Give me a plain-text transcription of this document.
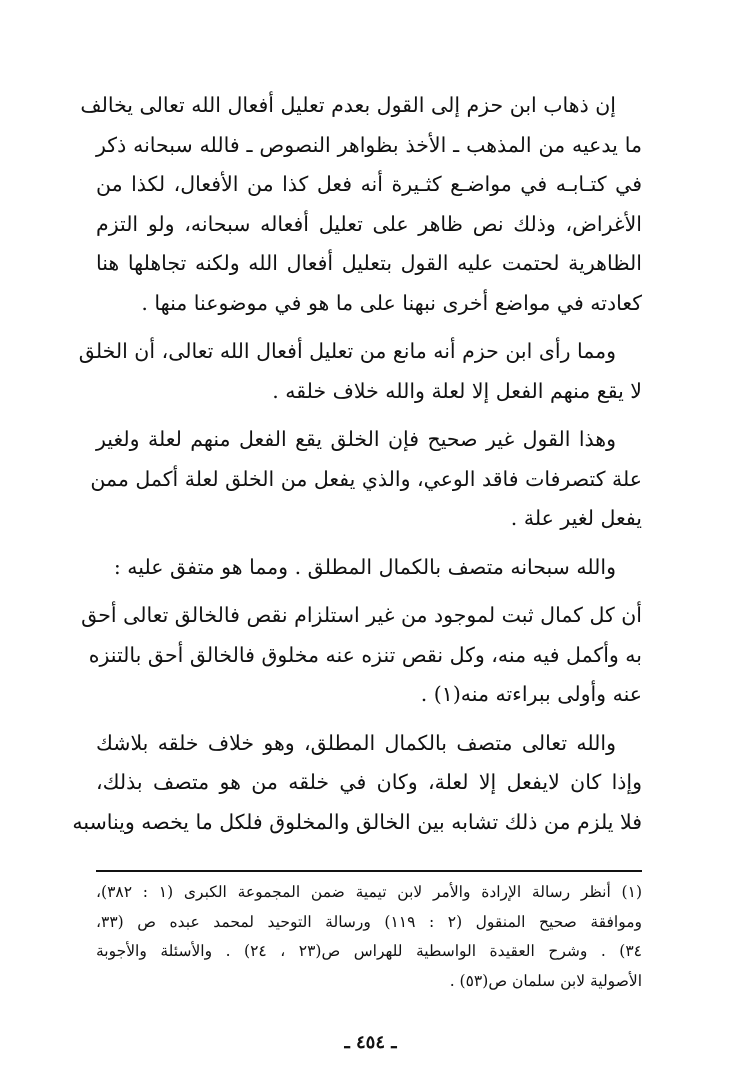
إن ذهاب ابن حزم إلى القول بعدم تعليل أفعال الله تعالى يخالف
ما يدعيه من المذهب ـ الأخذ بظواهر النصوص ـ فالله سبحانه ذكر
في كتـابـه في مواضـع كثـيرة أنه فعل كذا من الأفعال، لكذا من
الأغراض، وذلك نص ظاهر على تعليل أفعاله سبحانه، ولو التزم
الظاهرية لحتمت عليه القول بتعليل أفعال الله ولكنه تجاهلها هنا
كعادته في مواضع أخرى نبهنا على ما هو في موضوعنا منها .
ومما رأى ابن حزم أنه مانع من تعليل أفعال الله تعالى، أن الخلق
لا يقع منهم الفعل إلا لعلة والله خلاف خلقه .
وهذا القول غير صحيح فإن الخلق يقع الفعل منهم لعلة ولغير
علة كتصرفات فاقد الوعي، والذي يفعل من الخلق لعلة أكمل ممن
يفعل لغير علة .
والله سبحانه متصف بالكمال المطلق . ومما هو متفق عليه :
أن كل كمال ثبت لموجود من غير استلزام نقص فالخالق تعالى أحق
به وأكمل فيه منه، وكل نقص تنزه عنه مخلوق فالخالق أحق بالتنزه
عنه وأولى ببراءته منه(١) .
والله تعالى متصف بالكمال المطلق، وهو خلاف خلقه بلاشك
وإذا كان لايفعل إلا لعلة، وكان في خلقه من هو متصف بذلك،
فلا يلزم من ذلك تشابه بين الخالق والمخلوق فلكل ما يخصه ويناسبه
(١) أنظر رسالة الإرادة والأمر لابن تيمية ضمن المجموعة الكبرى (١ : ٣٨٢)،
وموافقة صحيح المنقول (٢ : ١١٩) ورسالة التوحيد لمحمد عبده ص (٣٣،
٣٤) . وشرح العقيدة الواسطية للهراس ص(٢٣ ، ٢٤) . والأسئلة والأجوبة
الأصولية لابن سلمان ص(٥٣) .
ـ ٤٥٤ ـ
